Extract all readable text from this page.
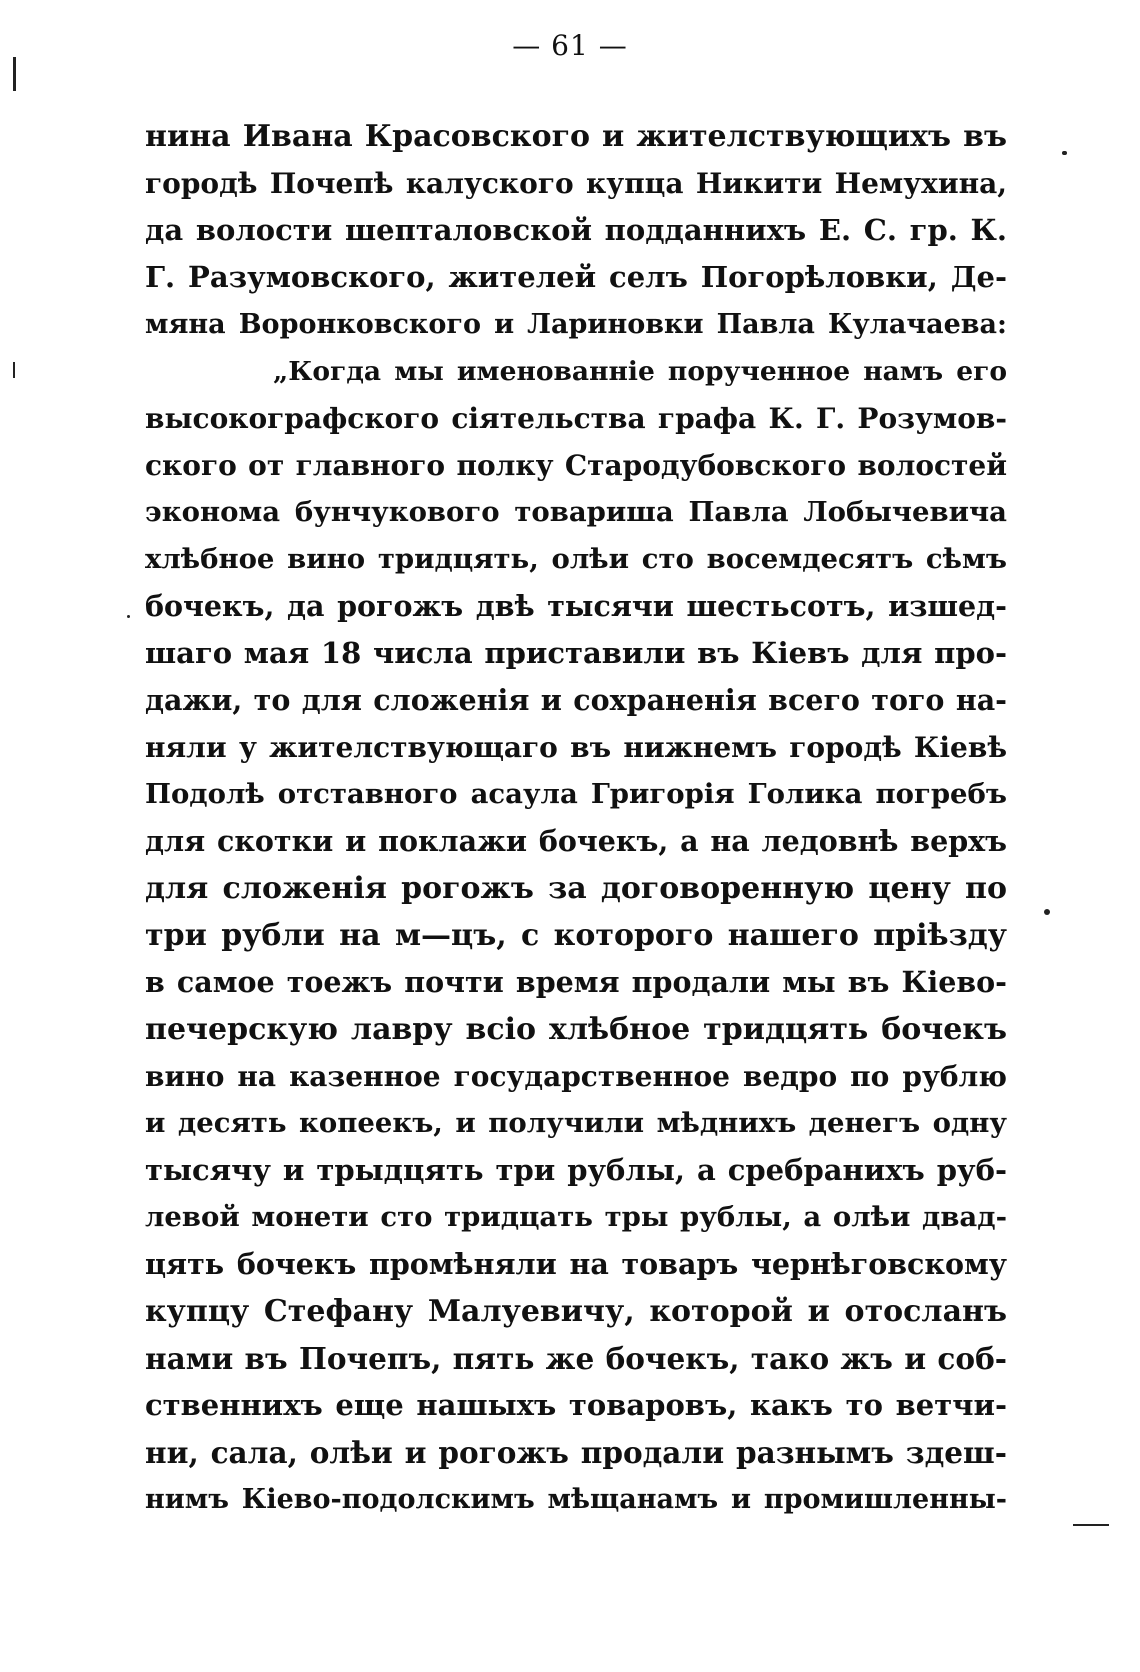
— 61 —
нина Ивана Красовского и жителствующихъ въ
городѣ Почепѣ калуского купца Никити Немухина,
да волости шепталовской подданнихъ Е. С. гр. К.
Г. Разумовского, жителей селъ Погорѣловки, Де-
мяна Воронковского и Лариновки Павла Кулачаева:
„Когда мы именованніе порученное намъ его
высокографского сіятельства графа К. Г. Розумов-
ского от главного полку Стародубовского волостей
эконома бунчукового товариша Павла Лобычевича
хлѣбное вино тридцять, олѣи сто восемдесятъ сѣмъ
бочекъ, да рогожъ двѣ тысячи шестьсотъ, изшед-
шаго мая 18 числа приставили въ Кіевъ для про-
дажи, то для сложенія и сохраненія всего того на-
няли у жителствующаго въ нижнемъ городѣ Кіевѣ
Подолѣ отставного асаула Григорія Голика погребъ
для скотки и поклажи бочекъ, а на ледовнѣ верхъ
для сложенія рогожъ за договоренную цену по
три рубли на м—цъ, с которого нашего пріѣзду
в самое тоежъ почти время продали мы въ Кіево-
печерскую лавру всіо хлѣбное тридцять бочекъ
вино на казенное государственное ведро по рублю
и десять копеекъ, и получили мѣднихъ денегъ одну
тысячу и трыдцять три рублы, а сребранихъ руб-
левой монети сто тридцать тры рублы, а олѣи двад-
цять бочекъ промѣняли на товаръ чернѣговскому
купцу Стефану Малуевичу, которой и отосланъ
нами въ Почепъ, пять же бочекъ, тако жъ и соб-
ственнихъ еще нашыхъ товаровъ, какъ то ветчи-
ни, сала, олѣи и рогожъ продали разнымъ здеш-
нимъ Кіево-подолскимъ мѣщанамъ и промишленны-
